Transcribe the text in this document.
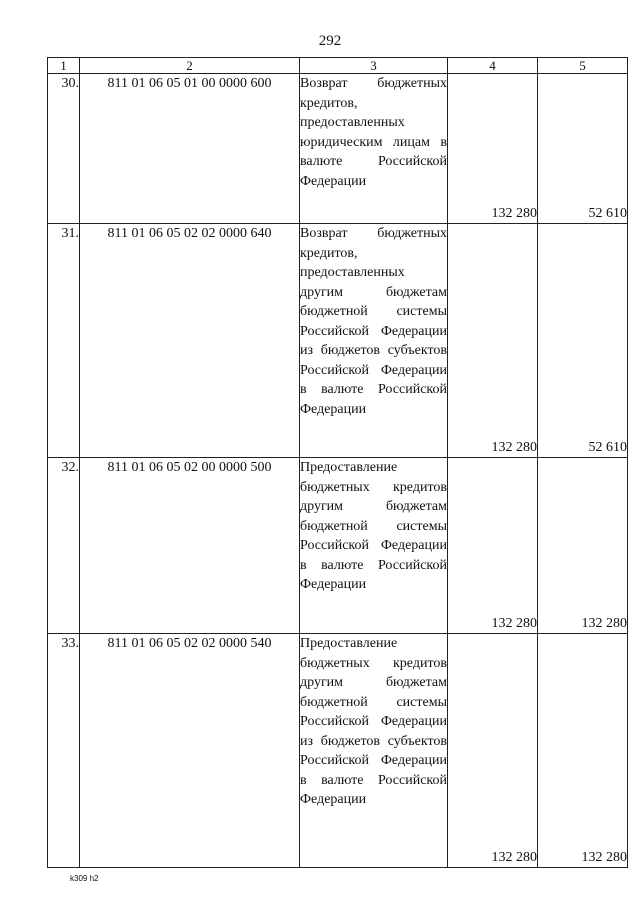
292
1	2	3	4	5
30.	811 01 06 05 01 00 0000 600	Возврат бюджетных кредитов, предоставленных юридическим лицам в валюте Российской Федерации	132 280	52 610
31.	811 01 06 05 02 02 0000 640	Возврат бюджетных кредитов, предоставленных другим бюджетам бюджетной системы Российской Федерации из бюджетов субъектов Российской Федерации в валюте Российской Федерации	132 280	52 610
32.	811 01 06 05 02 00 0000 500	Предоставление бюджетных кредитов другим бюджетам бюджетной системы Российской Федерации в валюте Российской Федерации	132 280	132 280
33.	811 01 06 05 02 02 0000 540	Предоставление бюджетных кредитов другим бюджетам бюджетной системы Российской Федерации из бюджетов субъектов Российской Федерации в валюте Российской Федерации	132 280	132 280
k309 h2
